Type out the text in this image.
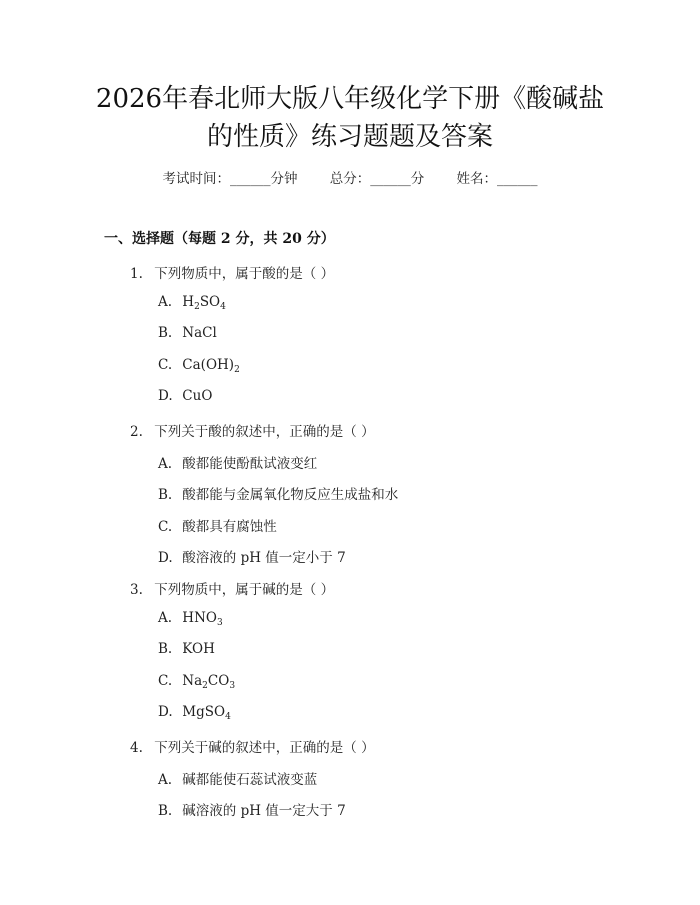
2026年春北师大版八年级化学下册《酸碱盐
的性质》练习题题及答案
考试时间：______分钟 总分：______分 姓名：______
一、选择题（每题 2 分，共 20 分）
1. 下列物质中，属于酸的是（ ）
A. $H_2SO_4$
B. NaCl
C. $Ca(OH)_2$
D. CuO
2. 下列关于酸的叙述中，正确的是（ ）
A. 酸都能使酚酞试液变红
B. 酸都能与金属氧化物反应生成盐和水
C. 酸都具有腐蚀性
D. 酸溶液的 pH 值一定小于 7
3. 下列物质中，属于碱的是（ ）
A. $HNO_3$
B. KOH
C. $Na_2CO_3$
D. MgSO$_4$
4. 下列关于碱的叙述中，正确的是（ ）
A. 碱都能使石蕊试液变蓝
B. 碱溶液的 pH 值一定大于 7
